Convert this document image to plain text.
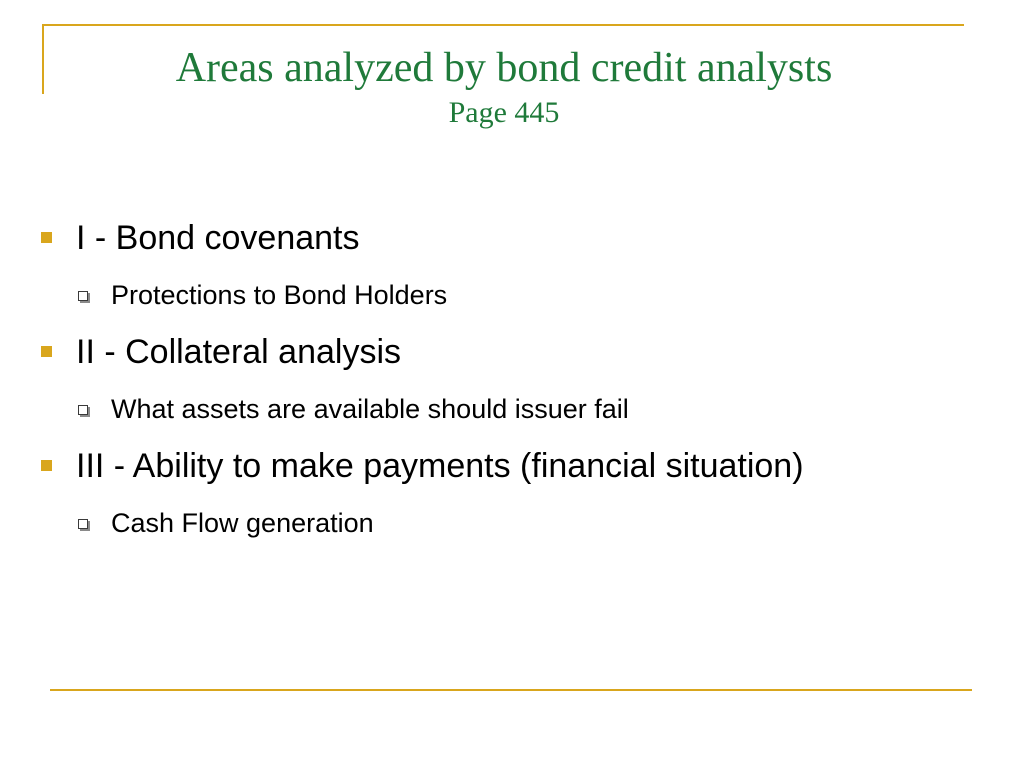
Areas analyzed by bond credit analysts
Page 445
I - Bond covenants
Protections to Bond Holders
II - Collateral analysis
What assets are available should issuer fail
III - Ability to make payments (financial situation)
Cash Flow generation
